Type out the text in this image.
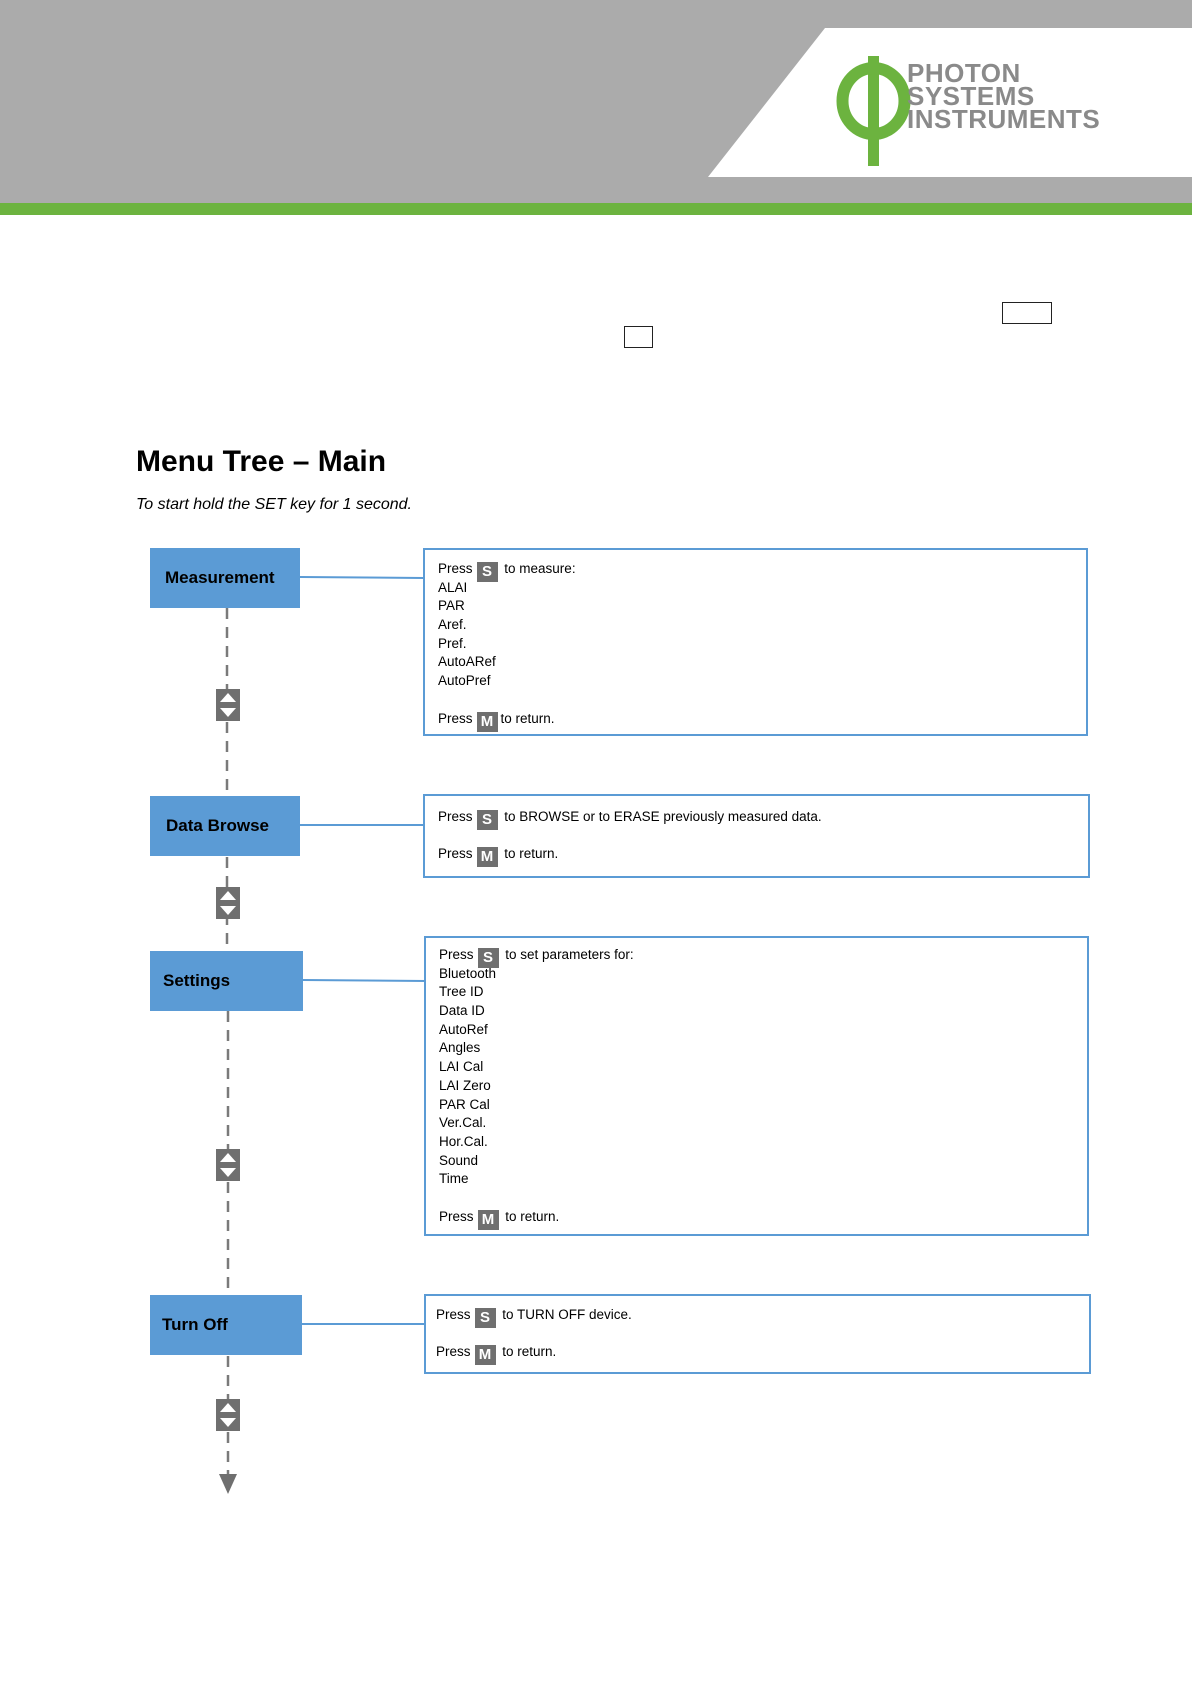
PHOTON
SYSTEMS
INSTRUMENTS
Menu Tree – Main
To start hold the SET key for 1 second.
Measurement
Data Browse
Settings
Turn Off
Press S to measure:
ALAI
PAR
Aref.
Pref.
AutoARef
AutoPref
Press M to return.
Press S to BROWSE or to ERASE previously measured data.
Press M to return.
Press S to set parameters for:
Bluetooth
Tree ID
Data ID
AutoRef
Angles
LAI Cal
LAI Zero
PAR Cal
Ver.Cal.
Hor.Cal.
Sound
Time
Press M to return.
Press S to TURN OFF device.
Press M to return.
